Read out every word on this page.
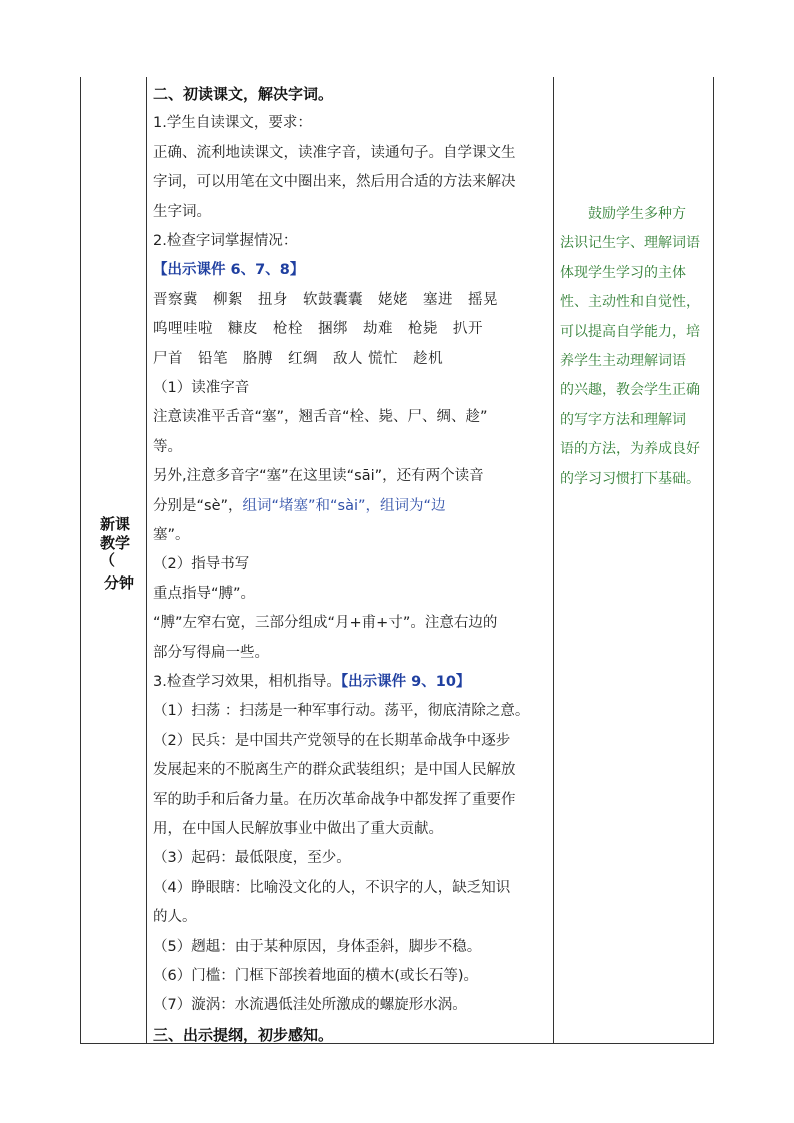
新课
教学
（
分钟
二、初读课文，解决字词。
1.学生自读课文，要求：
正确、流利地读课文，读准字音，读通句子。自学课文生
字词，可以用笔在文中圈出来，然后用合适的方法来解决
生字词。
2.检查字词掌握情况：
【出示课件 6、7、8】
晋察冀　柳絮　扭身　软鼓囊囊　姥姥　塞进　摇晃
呜哩哇啦　糠皮　枪栓　捆绑　劫难　枪毙　扒开
尸首　铅笔　胳膊　红绸　敌人 慌忙　趁机
（1）读准字音
注意读准平舌音“塞”，翘舌音“栓、毙、尸、绸、趁”
等。
另外,注意多音字“塞”在这里读“sāi”，还有两个读音
分别是“sè”，组词“堵塞”和“sài”，组词为“边
塞”。
（2）指导书写
重点指导“膊”。
“膊”左窄右宽，三部分组成“月+甫+寸”。注意右边的
部分写得扁一些。
3.检查学习效果，相机指导。【出示课件 9、10】
（1）扫荡 ：扫荡是一种军事行动。荡平，彻底清除之意。
（2）民兵：是中国共产党领导的在长期革命战争中逐步
发展起来的不脱离生产的群众武装组织；是中国人民解放
军的助手和后备力量。在历次革命战争中都发挥了重要作
用，在中国人民解放事业中做出了重大贡献。
（3）起码：最低限度，至少。
（4）睁眼瞎：比喻没文化的人，不识字的人，缺乏知识
的人。
（5）趔趄：由于某种原因，身体歪斜，脚步不稳。
（6）门槛：门框下部挨着地面的横木(或长石等)。
（7）漩涡：水流遇低洼处所激成的螺旋形水涡。
三、出示提纲，初步感知。
　　鼓励学生多种方
法识记生字、理解词语
体现学生学习的主体
性、主动性和自觉性，
可以提高自学能力，培
养学生主动理解词语
的兴趣，教会学生正确
的写字方法和理解词
语的方法，为养成良好
的学习习惯打下基础。
